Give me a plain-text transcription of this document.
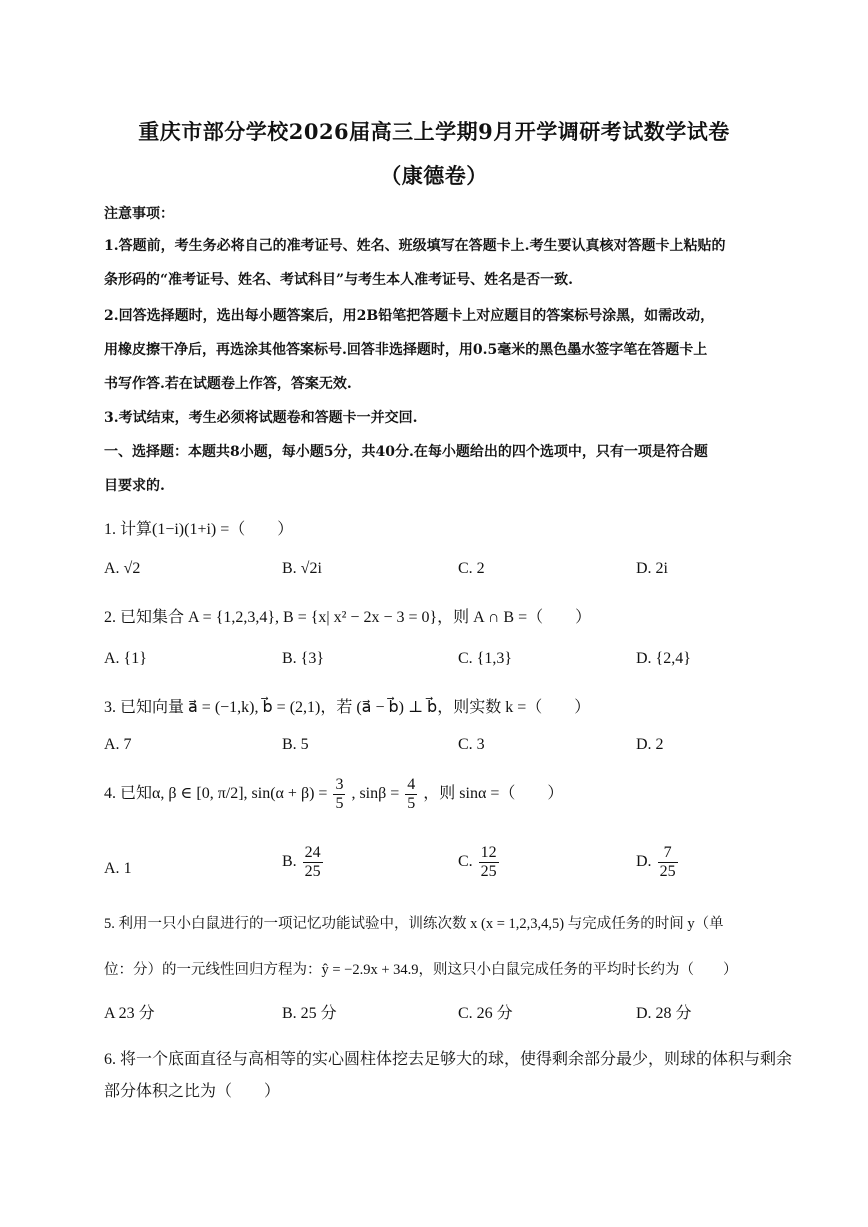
重庆市部分学校2026届高三上学期9月开学调研考试数学试卷
（康德卷）
注意事项：
1.答题前，考生务必将自己的准考证号、姓名、班级填写在答题卡上.考生要认真核对答题卡上粘贴的
条形码的“准考证号、姓名、考试科目”与考生本人准考证号、姓名是否一致.
2.回答选择题时，选出每小题答案后，用2B铅笔把答题卡上对应题目的答案标号涂黑，如需改动，
用橡皮擦干净后，再选涂其他答案标号.回答非选择题时，用0.5毫米的黑色墨水签字笔在答题卡上
书写作答.若在试题卷上作答，答案无效.
3.考试结束，考生必须将试题卷和答题卡一并交回.
一、选择题：本题共8小题，每小题5分，共40分.在每小题给出的四个选项中，只有一项是符合题
目要求的.
1. 计算(1−i)(1+i) =（　　）
A. √2	B. √2i	C. 2	D. 2i
2. 已知集合 A = {1,2,3,4}, B = {x| x² − 2x − 3 = 0}，则 A ∩ B =（　　）
A. {1}	B. {3}	C. {1,3}	D. {2,4}
3. 已知向量 a⃗ = (−1,k), b⃗ = (2,1)，若 (a⃗ − b⃗) ⊥ b⃗，则实数 k =（　　）
A. 7	B. 5	C. 3	D. 2
4. 已知α, β ∈ [0, π/2], $\sin(\alpha + \beta) = \frac{3}{5}$ , $\sin\beta = \frac{4}{5}$ ，则 sinα =（　　）
A. 1	B. $\frac{24}{25}$	C. $\frac{12}{25}$	D. $\frac{7}{25}$
5. 利用一只小白鼠进行的一项记忆功能试验中，训练次数 x (x = 1,2,3,4,5) 与完成任务的时间 y（单
位：分）的一元线性回归方程为：ŷ = −2.9x + 34.9，则这只小白鼠完成任务的平均时长约为（　　）
A 23 分	B. 25 分	C. 26 分	D. 28 分
6. 将一个底面直径与高相等的实心圆柱体挖去足够大的球，使得剩余部分最少，则球的体积与剩余
部分体积之比为（　　）
